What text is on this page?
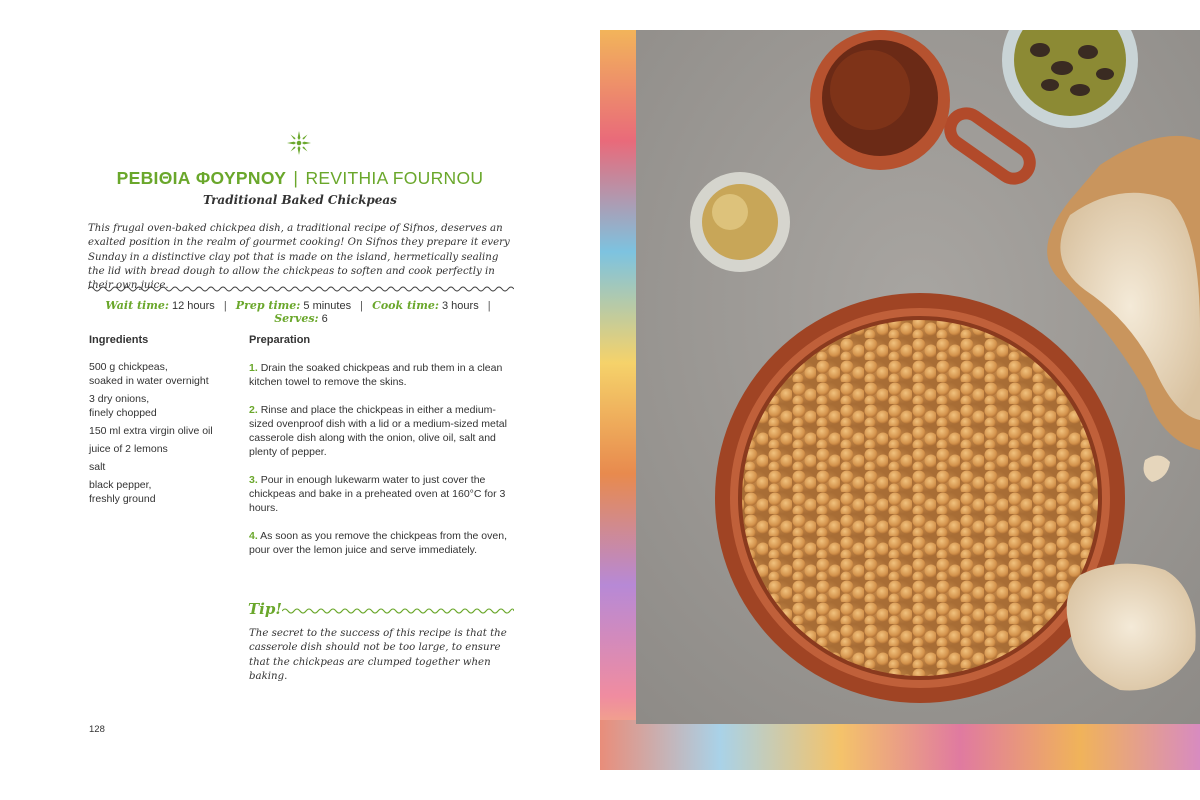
ΡΕΒΙΘΙΑ ΦΟΥΡΝΟΥ | REVITHIA FOURNOU
Traditional Baked Chickpeas
This frugal oven-baked chickpea dish, a traditional recipe of Sifnos, deserves an exalted position in the realm of gourmet cooking! On Sifnos they prepare it every Sunday in a distinctive clay pot that is made on the island, hermetically sealing the lid with bread dough to allow the chickpeas to soften and cook perfectly in their own juice.
Wait time: 12 hours | Prep time: 5 minutes | Cook time: 3 hours | Serves: 6
Ingredients	Preparation
500 g chickpeas,
soaked in water overnight
3 dry onions,
finely chopped
150 ml extra virgin olive oil
juice of 2 lemons
salt
black pepper,
freshly ground
1. Drain the soaked chickpeas and rub them in a clean kitchen towel to remove the skins.
2. Rinse and place the chickpeas in either a medium-sized ovenproof dish with a lid or a medium-sized metal casserole dish along with the onion, olive oil, salt and plenty of pepper.
3. Pour in enough lukewarm water to just cover the chickpeas and bake in a preheated oven at 160°C for 3 hours.
4. As soon as you remove the chickpeas from the oven, pour over the lemon juice and serve immediately.
Tip!
The secret to the success of this recipe is that the casserole dish should not be too large, to ensure that the chickpeas are clumped together when baking.
128
